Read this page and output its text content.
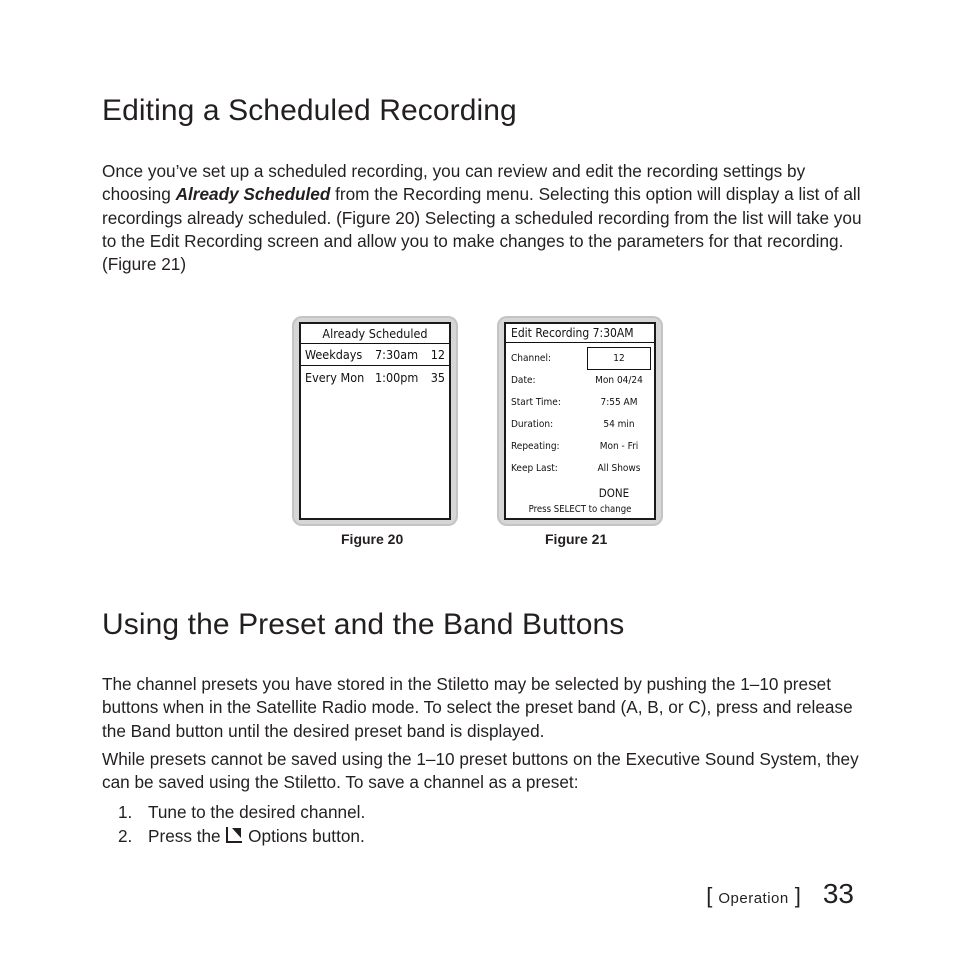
Editing a Scheduled Recording

Once you’ve set up a scheduled recording, you can review and edit the recording settings by choosing Already Scheduled from the Recording menu. Selecting this option will display a list of all recordings already scheduled. (Figure 20) Selecting a scheduled recording from the list will take you to the Edit Recording screen and allow you to make changes to the parameters for that recording. (Figure 21)

Already Scheduled
Weekdays	7:30am	12
Every Mon 1:00pm 35
Figure 20
Edit Recording 7:30AM
Channel:	12
Date:	Mon 04/24
Start Time:	7:55 AM
Duration:	54 min
Repeating:	Mon - Fri
Keep Last:	All Shows
DONE
Press SELECT to change
Figure 21
Using the Preset and the Band Buttons

The channel presets you have stored in the Stiletto may be selected by pushing the 1–10 preset buttons when in the Satellite Radio mode. To select the preset band (A, B, or C), press and release the Band button until the desired preset band is displayed.

While presets cannot be saved using the 1–10 preset buttons on the Executive Sound System, they can be saved using the Stiletto. To save a channel as a preset:

1. Tune to the desired channel.
2. Press the  Options button.
[ Operation ] 33
